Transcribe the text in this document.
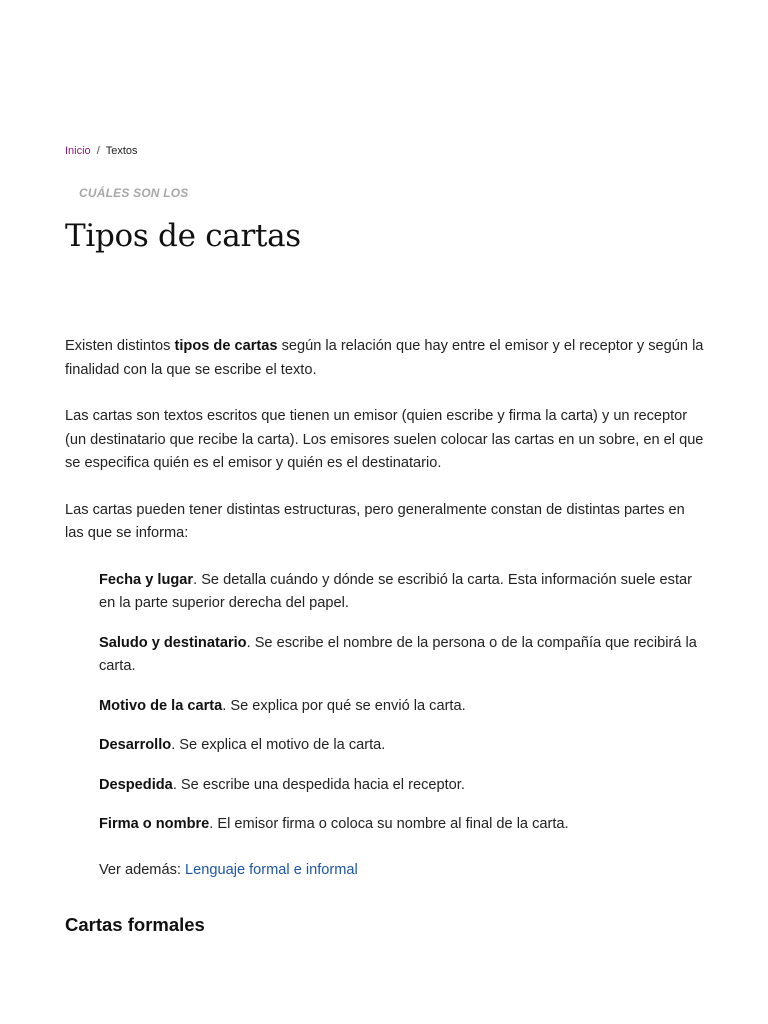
Inicio / Textos
CUÁLES SON LOS
Tipos de cartas

Existen distintos tipos de cartas según la relación que hay entre el emisor y el receptor y según la finalidad con la que se escribe el texto.

Las cartas son textos escritos que tienen un emisor (quien escribe y firma la carta) y un receptor (un destinatario que recibe la carta). Los emisores suelen colocar las cartas en un sobre, en el que se especifica quién es el emisor y quién es el destinatario.

Las cartas pueden tener distintas estructuras, pero generalmente constan de distintas partes en las que se informa:

Fecha y lugar. Se detalla cuándo y dónde se escribió la carta. Esta información suele estar en la parte superior derecha del papel.
Saludo y destinatario. Se escribe el nombre de la persona o de la compañía que recibirá la carta.
Motivo de la carta. Se explica por qué se envió la carta.
Desarrollo. Se explica el motivo de la carta.
Despedida. Se escribe una despedida hacia el receptor.
Firma o nombre. El emisor firma o coloca su nombre al final de la carta.
Ver además: Lenguaje formal e informal
Cartas formales
